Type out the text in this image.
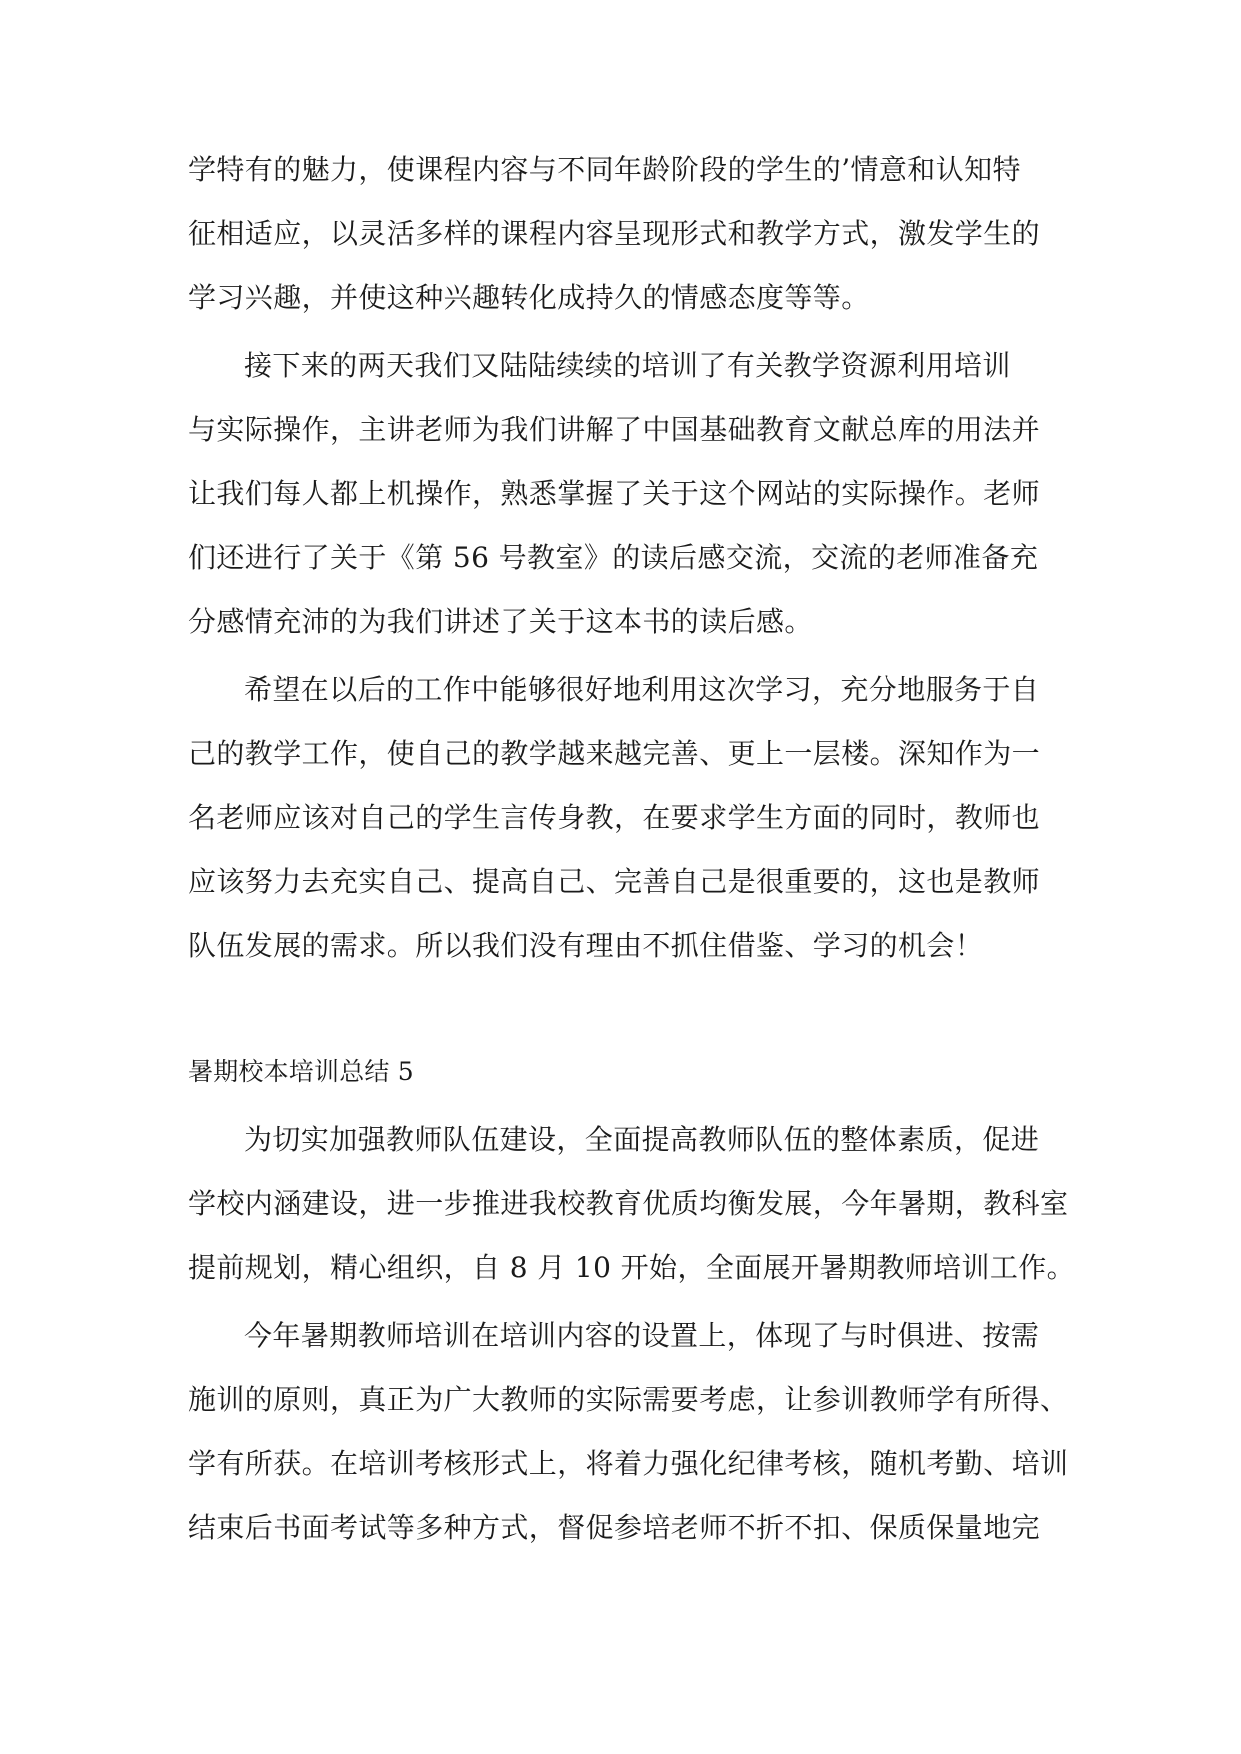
学特有的魅力，使课程内容与不同年龄阶段的学生的’情意和认知特

征相适应，以灵活多样的课程内容呈现形式和教学方式，激发学生的

学习兴趣，并使这种兴趣转化成持久的情感态度等等。

接下来的两天我们又陆陆续续的培训了有关教学资源利用培训

与实际操作，主讲老师为我们讲解了中国基础教育文献总库的用法并

让我们每人都上机操作，熟悉掌握了关于这个网站的实际操作。老师

们还进行了关于《第 56 号教室》的读后感交流，交流的老师准备充

分感情充沛的为我们讲述了关于这本书的读后感。

希望在以后的工作中能够很好地利用这次学习，充分地服务于自

己的教学工作，使自己的教学越来越完善、更上一层楼。深知作为一

名老师应该对自己的学生言传身教，在要求学生方面的同时，教师也

应该努力去充实自己、提高自己、完善自己是很重要的，这也是教师

队伍发展的需求。所以我们没有理由不抓住借鉴、学习的机会！

暑期校本培训总结 5

为切实加强教师队伍建设，全面提高教师队伍的整体素质，促进

学校内涵建设，进一步推进我校教育优质均衡发展，今年暑期，教科室

提前规划，精心组织，自 8 月 10 开始，全面展开暑期教师培训工作。

今年暑期教师培训在培训内容的设置上，体现了与时俱进、按需

施训的原则，真正为广大教师的实际需要考虑，让参训教师学有所得、

学有所获。在培训考核形式上，将着力强化纪律考核，随机考勤、培训

结束后书面考试等多种方式，督促参培老师不折不扣、保质保量地完
